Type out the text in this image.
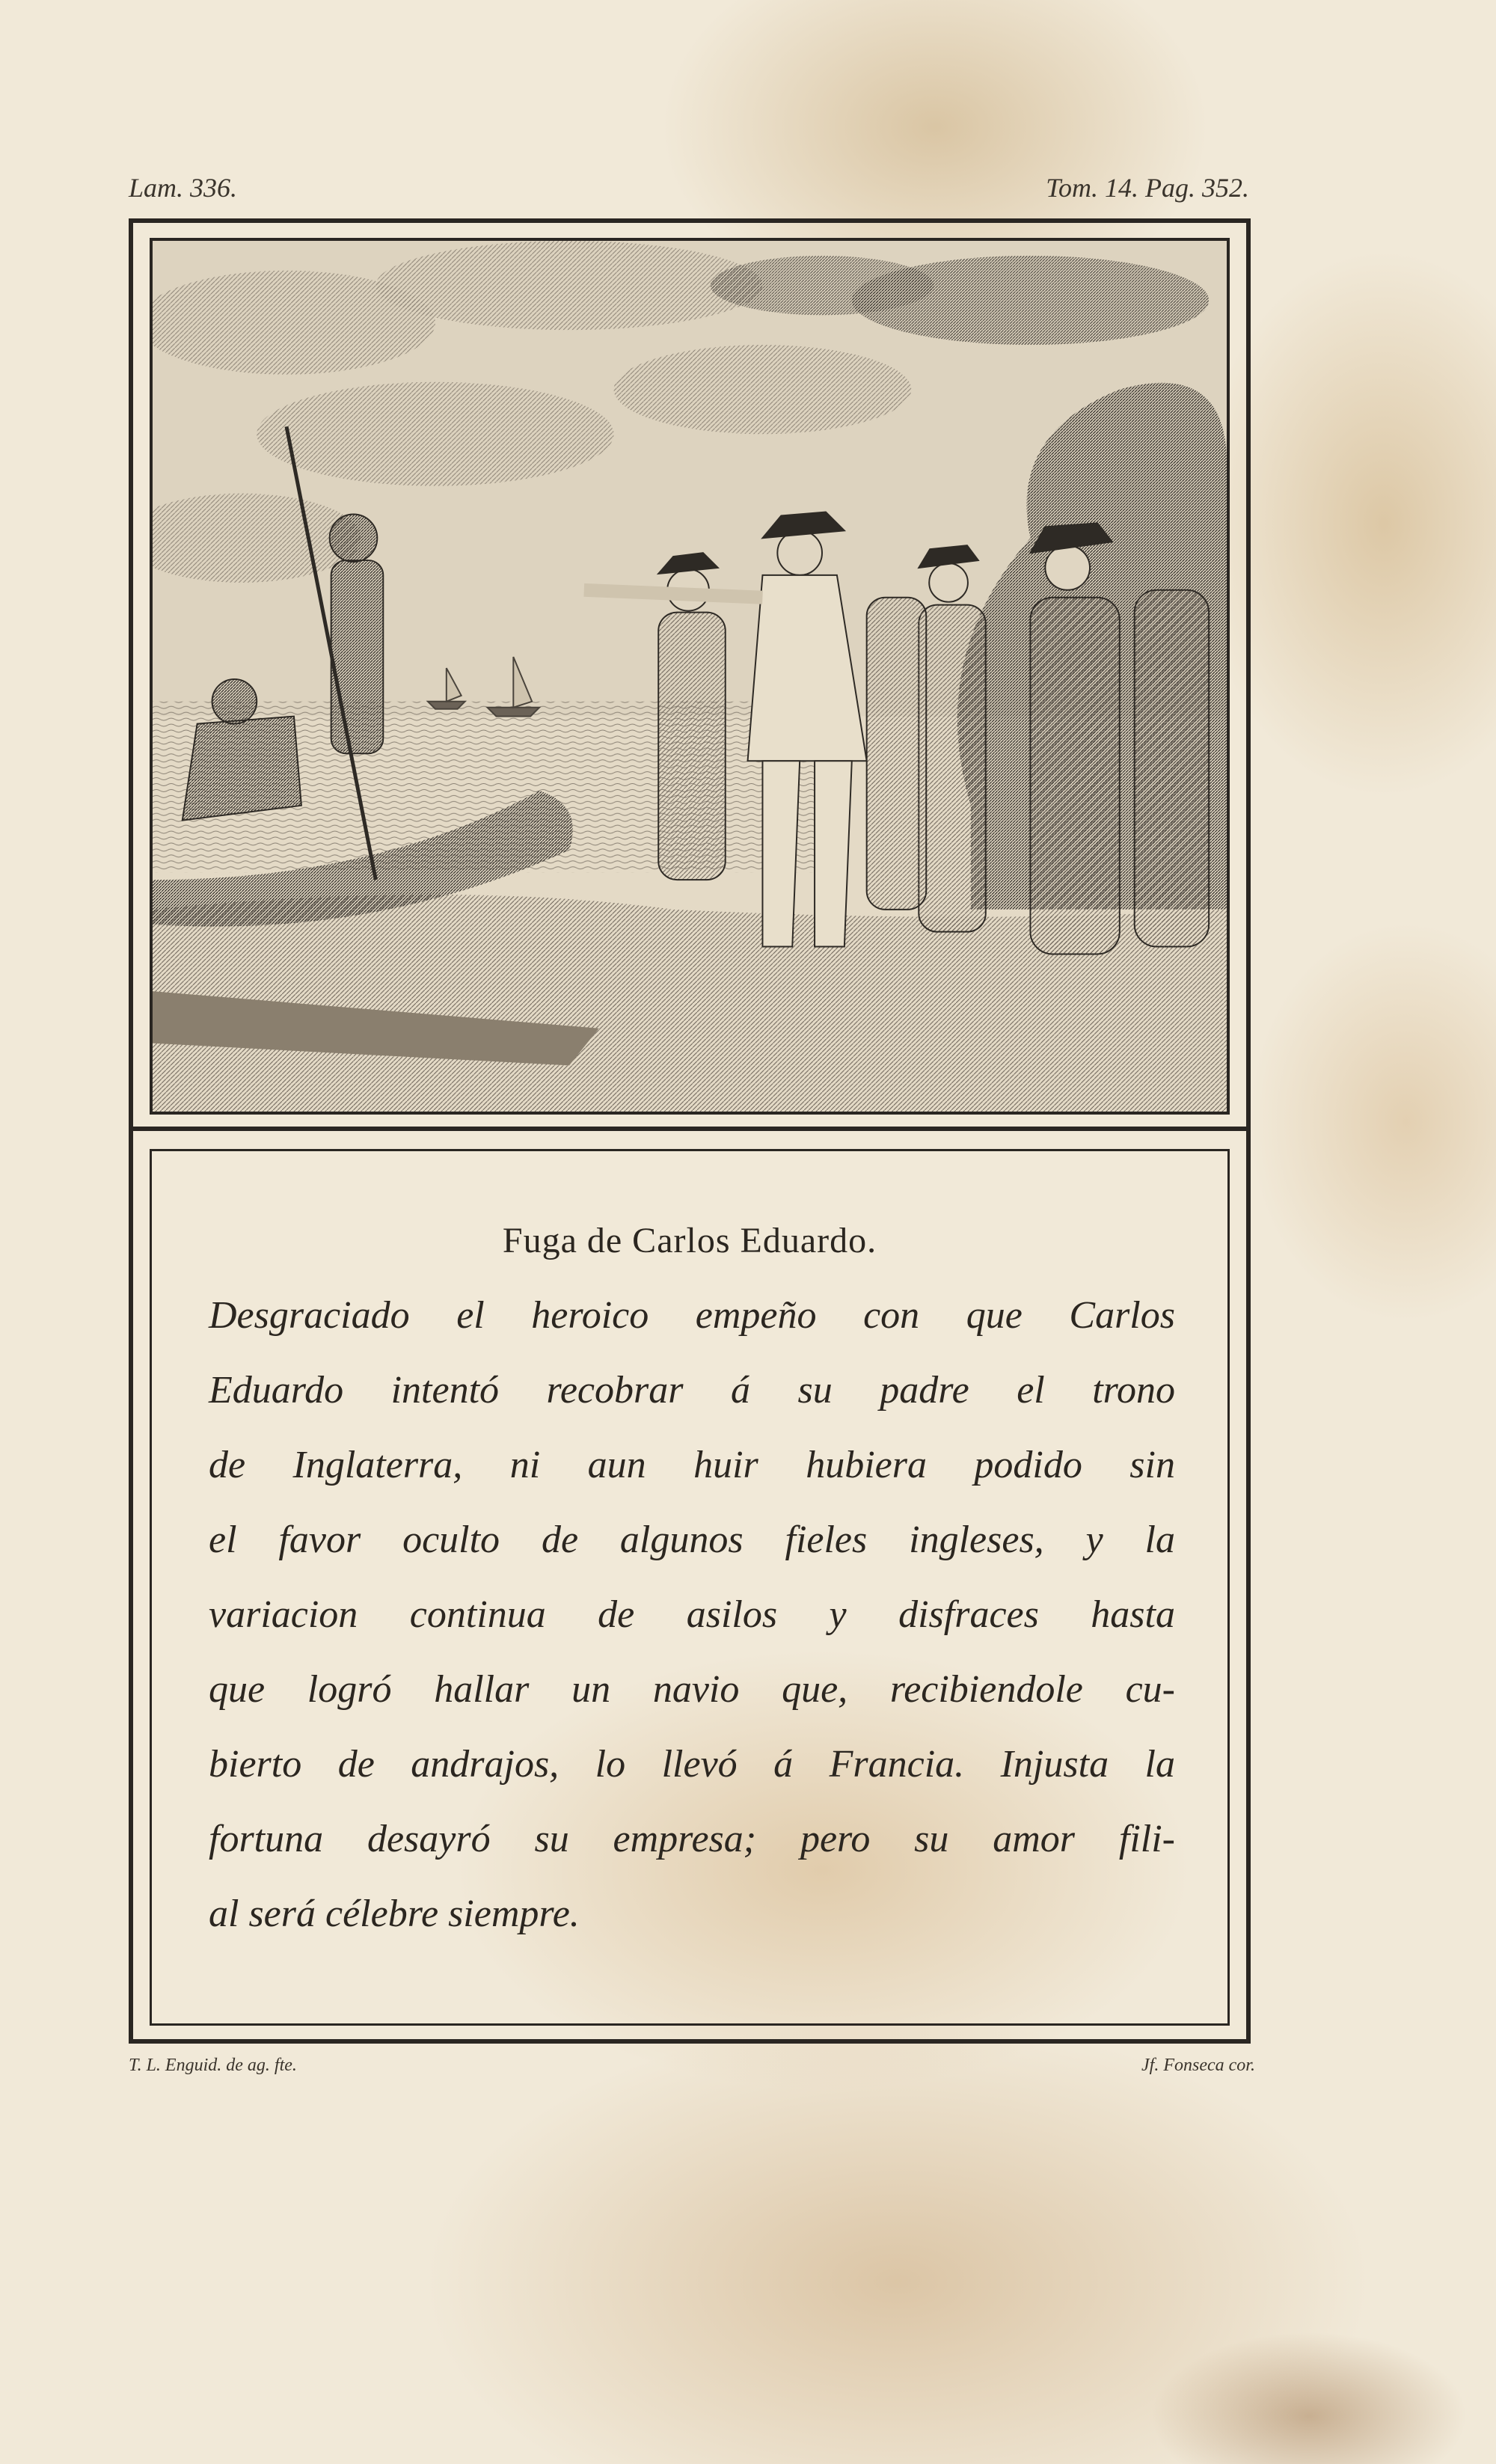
Lam. 336.	Tom. 14. Pag. 352.
Fuga de Carlos Eduardo.
Desgraciado el heroico empeño con que Carlos
Eduardo intentó recobrar á su padre el trono
de Inglaterra, ni aun huir hubiera podido sin
el favor oculto de algunos fieles ingleses, y la
variacion continua de asilos y disfraces hasta
que logró hallar un navio que, recibiendole cu-
bierto de andrajos, lo llevó á Francia. Injusta la
fortuna desayró su empresa; pero su amor fili-
al será célebre siempre.
T. L. Enguid. de ag. fte.	Jf. Fonseca cor.
